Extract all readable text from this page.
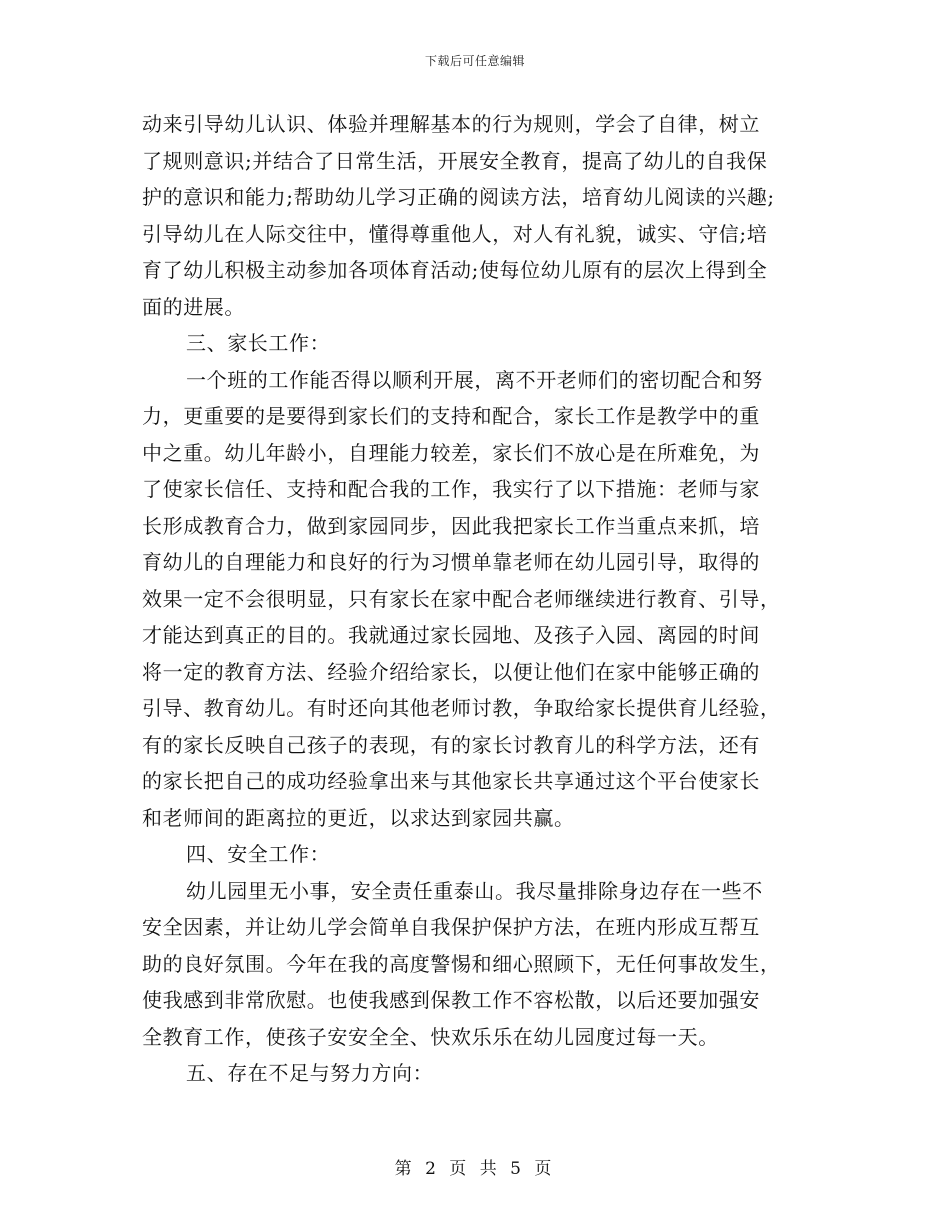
下载后可任意编辑
动来引导幼儿认识、体验并理解基本的行为规则，学会了自律，树立
了规则意识;并结合了日常生活，开展安全教育，提高了幼儿的自我保
护的意识和能力;帮助幼儿学习正确的阅读方法，培育幼儿阅读的兴趣;
引导幼儿在人际交往中，懂得尊重他人，对人有礼貌，诚实、守信;培
育了幼儿积极主动参加各项体育活动;使每位幼儿原有的层次上得到全
面的进展。
三、家长工作：
一个班的工作能否得以顺利开展，离不开老师们的密切配合和努
力，更重要的是要得到家长们的支持和配合，家长工作是教学中的重
中之重。幼儿年龄小，自理能力较差，家长们不放心是在所难免，为
了使家长信任、支持和配合我的工作，我实行了以下措施：老师与家
长形成教育合力，做到家园同步，因此我把家长工作当重点来抓，培
育幼儿的自理能力和良好的行为习惯单靠老师在幼儿园引导，取得的
效果一定不会很明显，只有家长在家中配合老师继续进行教育、引导，
才能达到真正的目的。我就通过家长园地、及孩子入园、离园的时间
将一定的教育方法、经验介绍给家长，以便让他们在家中能够正确的
引导、教育幼儿。有时还向其他老师讨教，争取给家长提供育儿经验，
有的家长反映自己孩子的表现，有的家长讨教育儿的科学方法，还有
的家长把自己的成功经验拿出来与其他家长共享通过这个平台使家长
和老师间的距离拉的更近，以求达到家园共赢。
四、安全工作：
幼儿园里无小事，安全责任重泰山。我尽量排除身边存在一些不
安全因素，并让幼儿学会简单自我保护保护方法，在班内形成互帮互
助的良好氛围。今年在我的高度警惕和细心照顾下，无任何事故发生，
使我感到非常欣慰。也使我感到保教工作不容松散，以后还要加强安
全教育工作，使孩子安安全全、快欢乐乐在幼儿园度过每一天。
五、存在不足与努力方向：
第 2 页 共 5 页
